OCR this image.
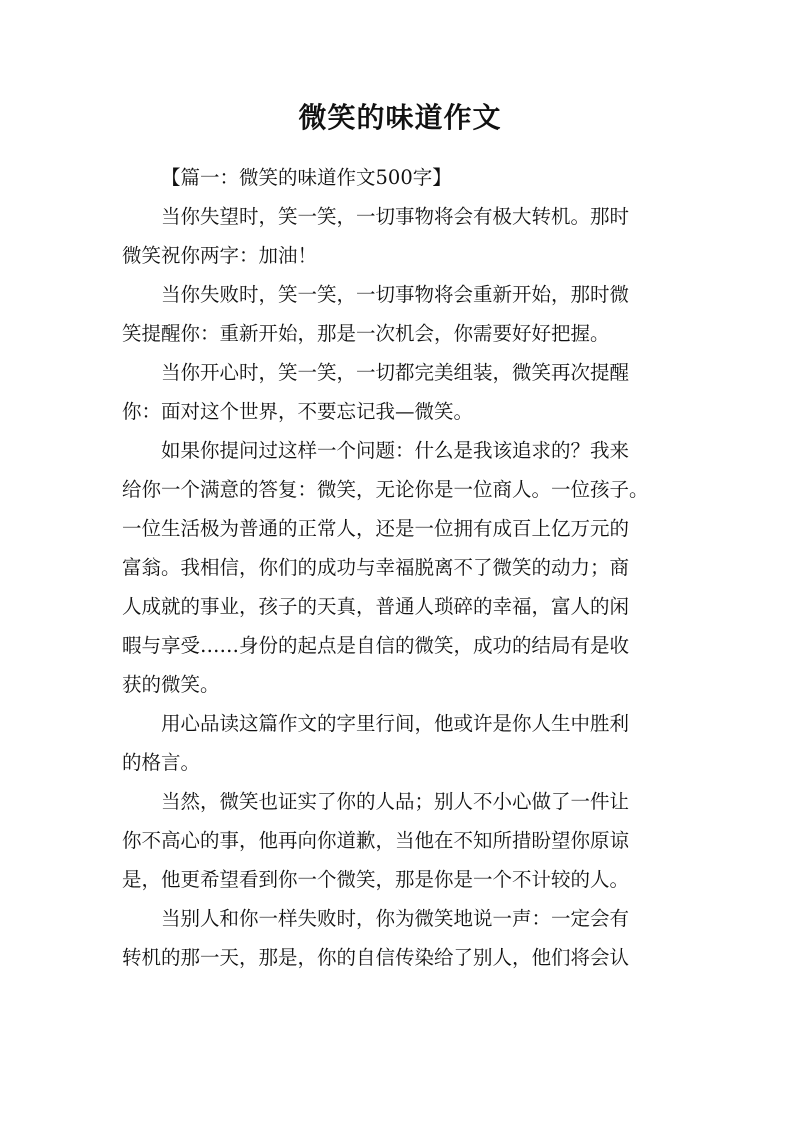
微笑的味道作文
【篇一：微笑的味道作文500字】
当你失望时，笑一笑，一切事物将会有极大转机。那时
微笑祝你两字：加油！
当你失败时，笑一笑，一切事物将会重新开始，那时微
笑提醒你：重新开始，那是一次机会，你需要好好把握。
当你开心时，笑一笑，一切都完美组装，微笑再次提醒
你：面对这个世界，不要忘记我—微笑。
如果你提问过这样一个问题：什么是我该追求的？我来
给你一个满意的答复：微笑，无论你是一位商人。一位孩子。
一位生活极为普通的正常人，还是一位拥有成百上亿万元的
富翁。我相信，你们的成功与幸福脱离不了微笑的动力；商
人成就的事业，孩子的天真，普通人琐碎的幸福，富人的闲
暇与享受……身份的起点是自信的微笑，成功的结局有是收
获的微笑。
用心品读这篇作文的字里行间，他或许是你人生中胜利
的格言。
当然，微笑也证实了你的人品；别人不小心做了一件让
你不高心的事，他再向你道歉，当他在不知所措盼望你原谅
是，他更希望看到你一个微笑，那是你是一个不计较的人。
当别人和你一样失败时，你为微笑地说一声：一定会有
转机的那一天，那是，你的自信传染给了别人，他们将会认
